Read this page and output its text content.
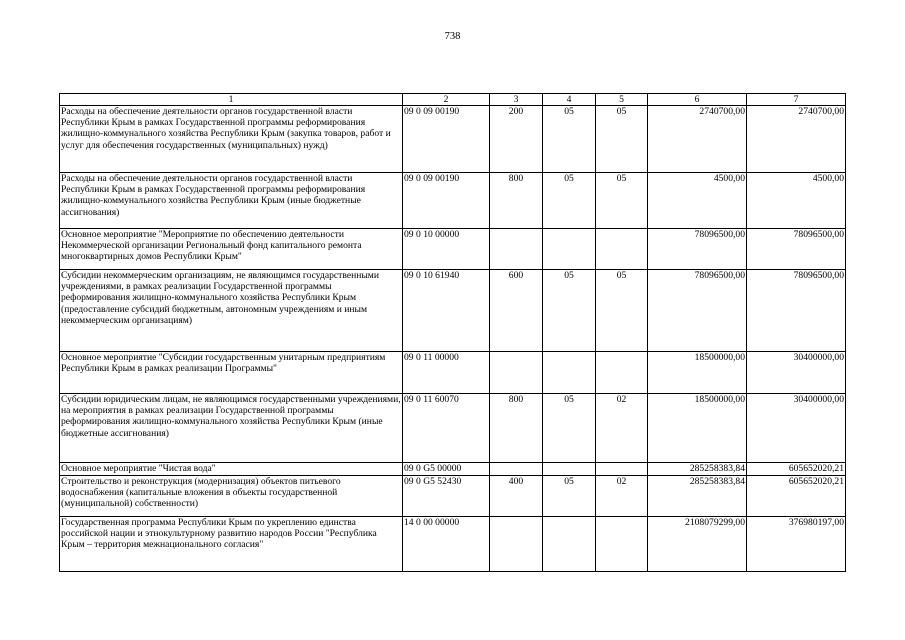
738
1	2	3	4	5	6	7
Расходы на обеспечение деятельности органов государственной власти Республики Крым в рамках Государственной программы реформирования жилищно-коммунального хозяйства Республики Крым (закупка товаров, работ и услуг для обеспечения государственных (муниципальных) нужд)	09 0 09 00190	200	05	05	2740700,00	2740700,00
Расходы на обеспечение деятельности органов государственной власти Республики Крым в рамках Государственной программы реформирования жилищно-коммунального хозяйства Республики Крым (иные бюджетные ассигнования)	09 0 09 00190	800	05	05	4500,00	4500,00
Основное мероприятие "Мероприятие по обеспечению деятельности Некоммерческой организации Региональный фонд капитального ремонта многоквартирных домов Республики Крым"	09 0 10 00000				78096500,00	78096500,00
Субсидии некоммерческим организациям, не являющимся государственными учреждениями, в рамках реализации Государственной программы реформирования жилищно-коммунального хозяйства Республики Крым (предоставление субсидий бюджетным, автономным учреждениям и иным некоммерческим организациям)	09 0 10 61940	600	05	05	78096500,00	78096500,00
Основное мероприятие "Субсидии государственным унитарным предприятиям Республики Крым в рамках реализации Программы"	09 0 11 00000				18500000,00	30400000,00
Субсидии юридическим лицам, не являющимся государственными учреждениями, на мероприятия в рамках реализации Государственной программы реформирования жилищно-коммунального хозяйства Республики Крым (иные бюджетные ассигнования)	09 0 11 60070	800	05	02	18500000,00	30400000,00
Основное мероприятие "Чистая вода"	09 0 G5 00000				285258383,84	605652020,21
Строительство и реконструкция (модернизация) объектов питьевого водоснабжения (капитальные вложения в объекты государственной (муниципальной) собственности)	09 0 G5 52430	400	05	02	285258383,84	605652020,21
Государственная программа Республики Крым по укреплению единства российской нации и этнокультурному развитию народов России "Республика Крым – территория межнационального согласия"	14 0 00 00000				2108079299,00	376980197,00
